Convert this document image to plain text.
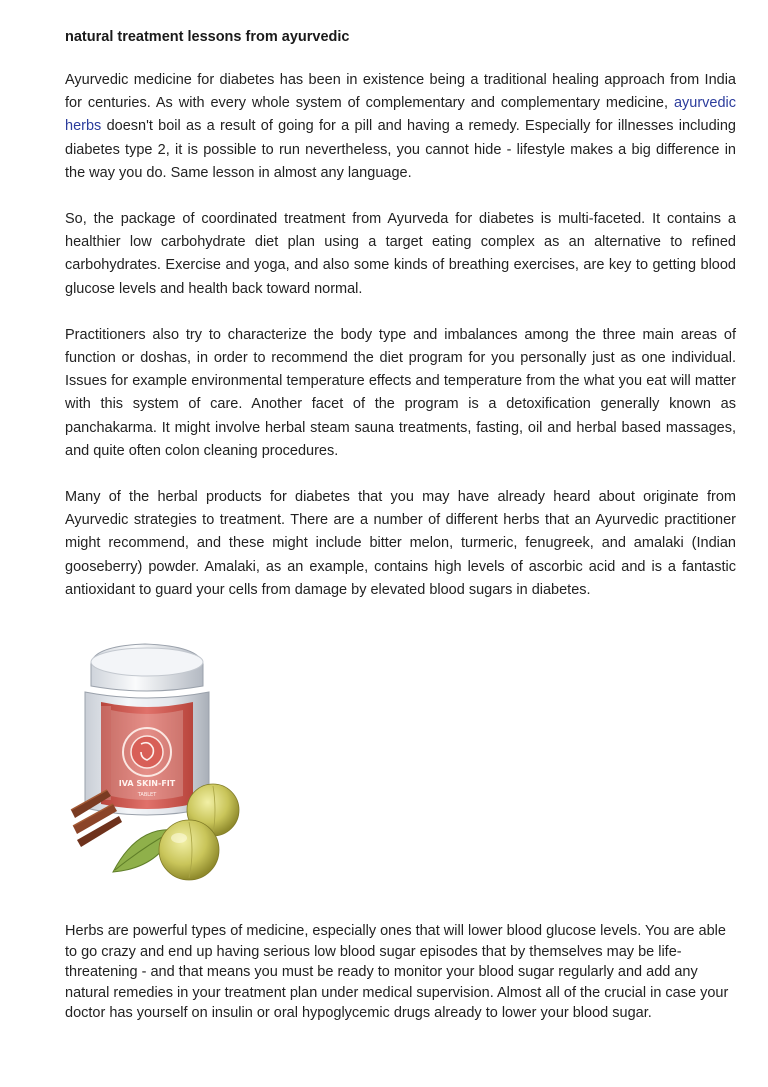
natural treatment lessons from ayurvedic

Ayurvedic medicine for diabetes has been in existence being a traditional healing approach from India for centuries. As with every whole system of complementary and complementary medicine, ayurvedic herbs doesn't boil as a result of going for a pill and having a remedy. Especially for illnesses including diabetes type 2, it is possible to run nevertheless, you cannot hide - lifestyle makes a big difference in the way you do. Same lesson in almost any language.

So, the package of coordinated treatment from Ayurveda for diabetes is multi-faceted. It contains a healthier low carbohydrate diet plan using a target eating complex as an alternative to refined carbohydrates. Exercise and yoga, and also some kinds of breathing exercises, are key to getting blood glucose levels and health back toward normal.

Practitioners also try to characterize the body type and imbalances among the three main areas of function or doshas, in order to recommend the diet program for you personally just as one individual. Issues for example environmental temperature effects and temperature from the what you eat will matter with this system of care. Another facet of the program is a detoxification generally known as panchakarma. It might involve herbal steam sauna treatments, fasting, oil and herbal based massages, and quite often colon cleaning procedures.

Many of the herbal products for diabetes that you may have already heard about originate from Ayurvedic strategies to treatment. There are a number of different herbs that an Ayurvedic practitioner might recommend, and these might include bitter melon, turmeric, fenugreek, and amalaki (Indian gooseberry) powder. Amalaki, as an example, contains high levels of ascorbic acid and is a fantastic antioxidant to guard your cells from damage by elevated blood sugars in diabetes.

IVA SKIN-FIT
TABLET

Herbs are powerful types of medicine, especially ones that will lower blood glucose levels. You are able to go crazy and end up having serious low blood sugar episodes that by themselves may be life-threatening - and that means you must be ready to monitor your blood sugar regularly and add any natural remedies in your treatment plan under medical supervision. Almost all of the crucial in case your doctor has yourself on insulin or oral hypoglycemic drugs already to lower your blood sugar.
